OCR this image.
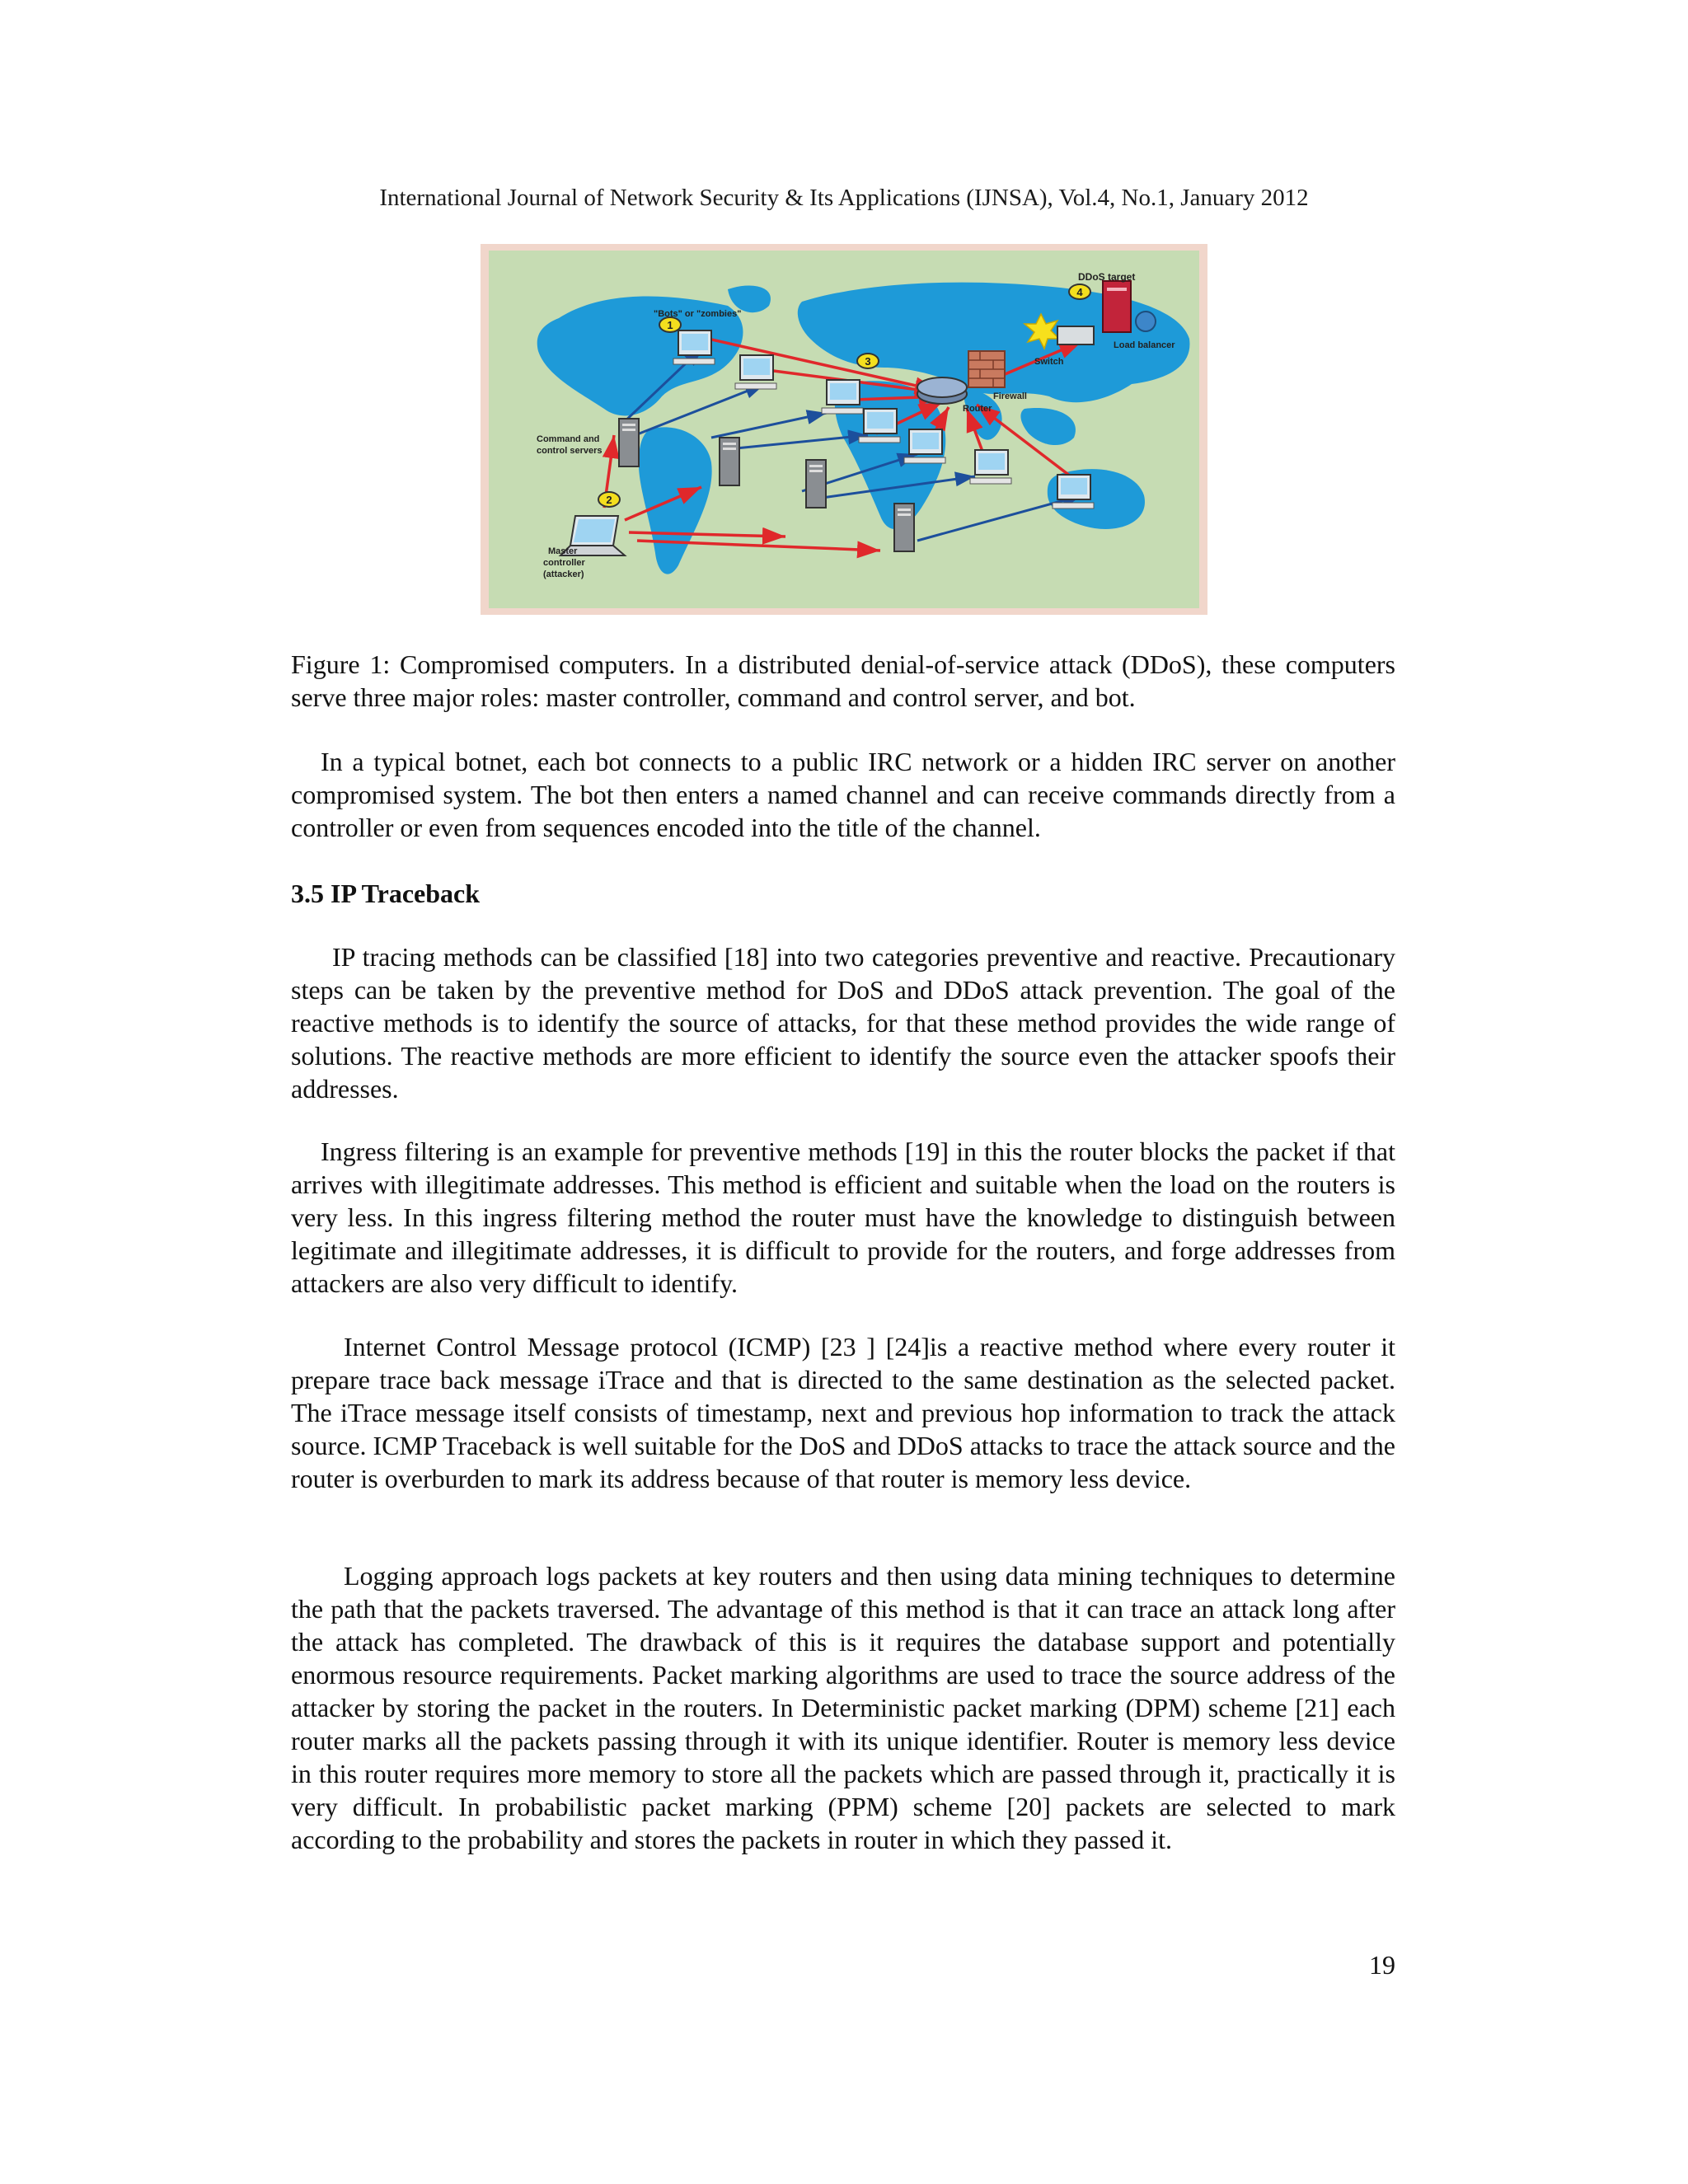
International Journal of Network Security & Its Applications (IJNSA), Vol.4, No.1, January 2012
1
2
3
4
DDoS target
"Bots" or "zombies"
Command and
control servers
Master
controller
(attacker)
Switch
Load balancer
Firewall
Router
Figure 1: Compromised computers. In a distributed denial-of-service attack (DDoS), these computers serve three major roles: master controller, command and control server, and bot.

In a typical botnet, each bot connects to a public IRC network or a hidden IRC server on another compromised system. The bot then enters a named channel and can receive commands directly from a controller or even from sequences encoded into the title of the channel.

3.5 IP Traceback

IP tracing methods can be classified [18] into two categories preventive and reactive. Precautionary steps can be taken by the preventive method for DoS and DDoS attack prevention. The goal of the reactive methods is to identify the source of attacks, for that these method provides the wide range of solutions. The reactive methods are more efficient to identify the source even the attacker spoofs their addresses.

Ingress filtering is an example for preventive methods [19] in this the router blocks the packet if that arrives with illegitimate addresses. This method is efficient and suitable when the load on the routers is very less. In this ingress filtering method the router must have the knowledge to distinguish between legitimate and illegitimate addresses, it is difficult to provide for the routers, and forge addresses from attackers are also very difficult to identify.

Internet Control Message protocol (ICMP) [23 ] [24]is a reactive method where every router it prepare trace back message iTrace and that is directed to the same destination as the selected packet. The iTrace message itself consists of timestamp, next and previous hop information to track the attack source. ICMP Traceback is well suitable for the DoS and DDoS attacks to trace the attack source and the router is overburden to mark its address because of that router is memory less device.

Logging approach logs packets at key routers and then using data mining techniques to determine the path that the packets traversed. The advantage of this method is that it can trace an attack long after the attack has completed. The drawback of this is it requires the database support and potentially enormous resource requirements. Packet marking algorithms are used to trace the source address of the attacker by storing the packet in the routers. In Deterministic packet marking (DPM) scheme [21] each router marks all the packets passing through it with its unique identifier. Router is memory less device in this router requires more memory to store all the packets which are passed through it, practically it is very difficult. In probabilistic packet marking (PPM) scheme [20] packets are selected to mark according to the probability and stores the packets in router in which they passed it.

19
